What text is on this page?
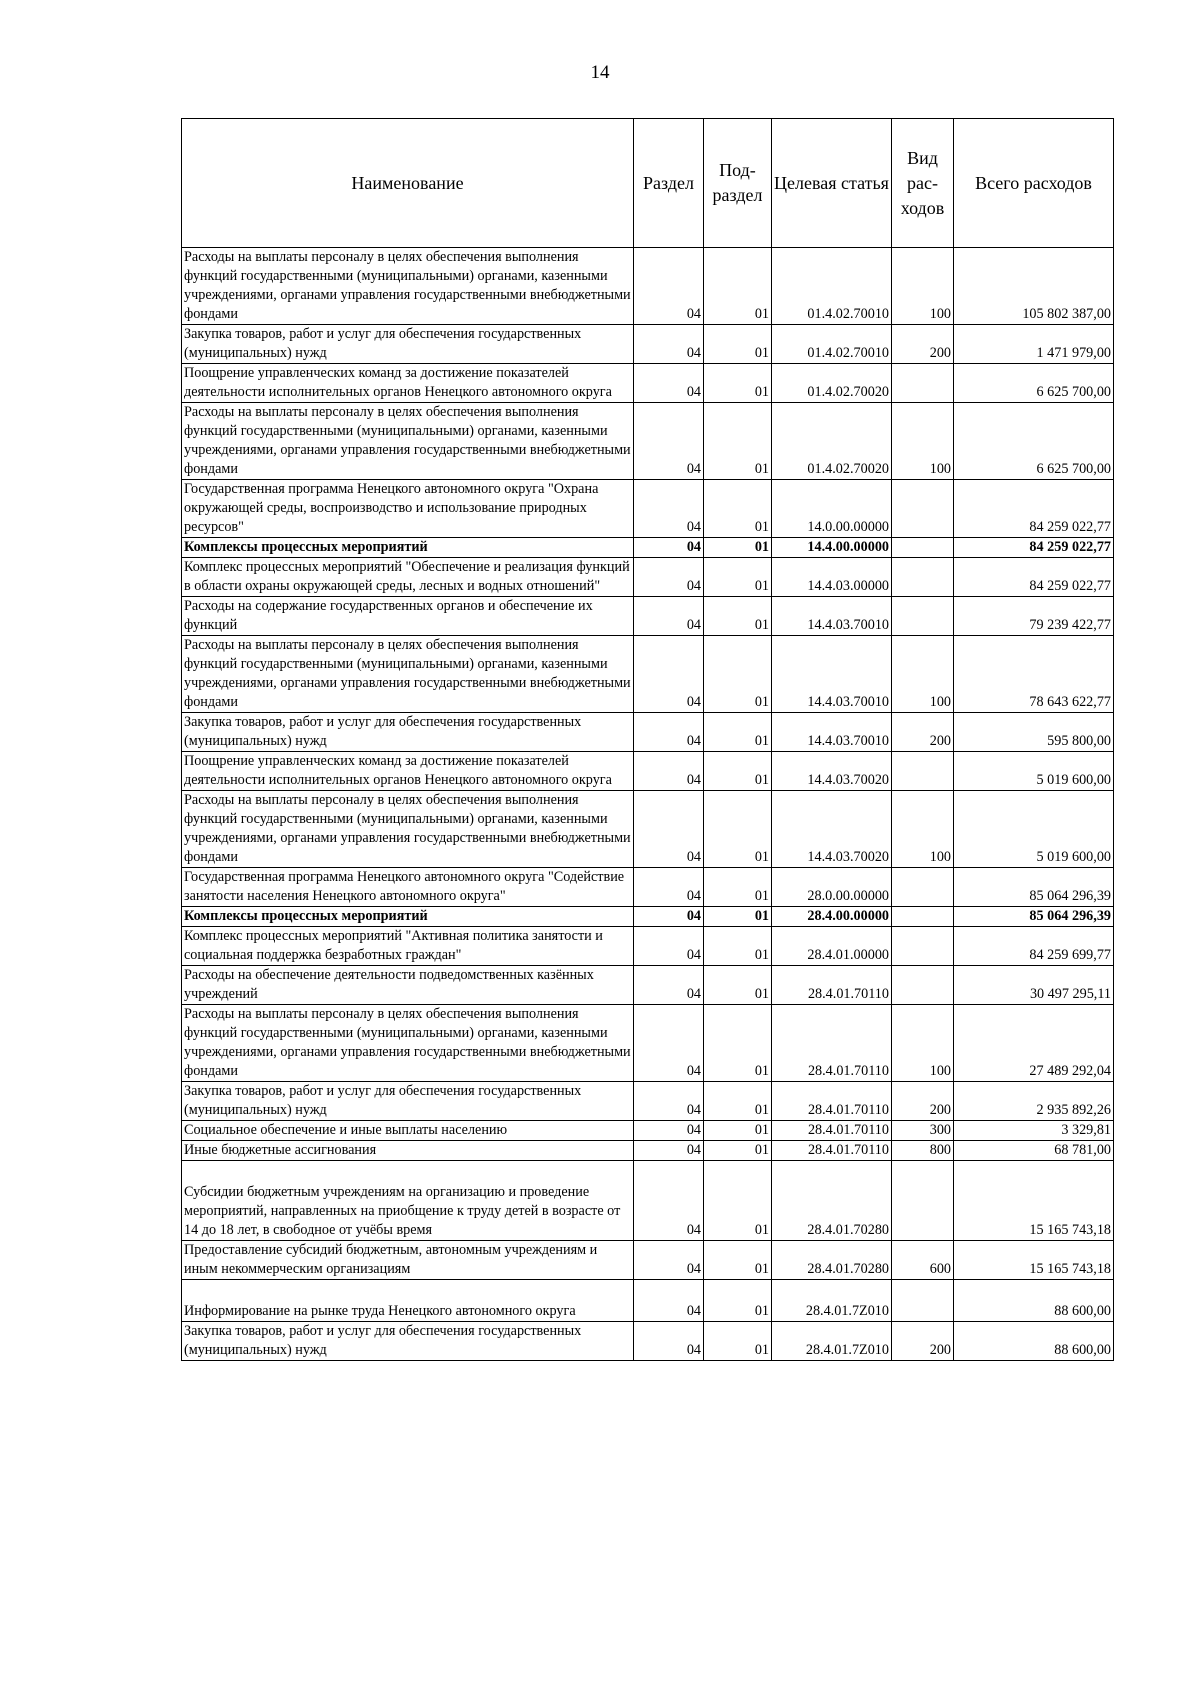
14
Наименование	Раздел	Под-раздел	Целевая статья	Вид рас-ходов	Всего расходов
Расходы на выплаты персоналу в целях обеспечения выполнения функций государственными (муниципальными) органами, казенными учреждениями, органами управления государственными внебюджетными фондами	04	01	01.4.02.70010	100	105 802 387,00
Закупка товаров, работ и услуг для обеспечения государственных (муниципальных) нужд	04	01	01.4.02.70010	200	1 471 979,00
Поощрение управленческих команд за достижение показателей деятельности исполнительных органов Ненецкого автономного округа	04	01	01.4.02.70020		6 625 700,00
Расходы на выплаты персоналу в целях обеспечения выполнения функций государственными (муниципальными) органами, казенными учреждениями, органами управления государственными внебюджетными фондами	04	01	01.4.02.70020	100	6 625 700,00
Государственная программа Ненецкого автономного округа "Охрана окружающей среды, воспроизводство и использование природных ресурсов"	04	01	14.0.00.00000		84 259 022,77
Комплексы процессных мероприятий	04	01	14.4.00.00000		84 259 022,77
Комплекс процессных мероприятий "Обеспечение и реализация функций в области охраны окружающей среды, лесных и водных отношений"	04	01	14.4.03.00000		84 259 022,77
Расходы на содержание государственных органов и обеспечение их функций	04	01	14.4.03.70010		79 239 422,77
Расходы на выплаты персоналу в целях обеспечения выполнения функций государственными (муниципальными) органами, казенными учреждениями, органами управления государственными внебюджетными фондами	04	01	14.4.03.70010	100	78 643 622,77
Закупка товаров, работ и услуг для обеспечения государственных (муниципальных) нужд	04	01	14.4.03.70010	200	595 800,00
Поощрение управленческих команд за достижение показателей деятельности исполнительных органов Ненецкого автономного округа	04	01	14.4.03.70020		5 019 600,00
Расходы на выплаты персоналу в целях обеспечения выполнения функций государственными (муниципальными) органами, казенными учреждениями, органами управления государственными внебюджетными фондами	04	01	14.4.03.70020	100	5 019 600,00
Государственная программа Ненецкого автономного округа "Содействие занятости населения Ненецкого автономного округа"	04	01	28.0.00.00000		85 064 296,39
Комплексы процессных мероприятий	04	01	28.4.00.00000		85 064 296,39
Комплекс процессных мероприятий "Активная политика занятости и социальная поддержка безработных граждан"	04	01	28.4.01.00000		84 259 699,77
Расходы на обеспечение деятельности подведомственных казённых учреждений	04	01	28.4.01.70110		30 497 295,11
Расходы на выплаты персоналу в целях обеспечения выполнения функций государственными (муниципальными) органами, казенными учреждениями, органами управления государственными внебюджетными фондами	04	01	28.4.01.70110	100	27 489 292,04
Закупка товаров, работ и услуг для обеспечения государственных (муниципальных) нужд	04	01	28.4.01.70110	200	2 935 892,26
Социальное обеспечение и иные выплаты населению	04	01	28.4.01.70110	300	3 329,81
Иные бюджетные ассигнования	04	01	28.4.01.70110	800	68 781,00
Субсидии бюджетным учреждениям на организацию и проведение мероприятий, направленных на приобщение к труду детей в возрасте от 14 до 18 лет, в свободное от учёбы время	04	01	28.4.01.70280		15 165 743,18
Предоставление субсидий бюджетным, автономным учреждениям и иным некоммерческим организациям	04	01	28.4.01.70280	600	15 165 743,18
Информирование на рынке труда Ненецкого автономного округа	04	01	28.4.01.7Z010		88 600,00
Закупка товаров, работ и услуг для обеспечения государственных (муниципальных) нужд	04	01	28.4.01.7Z010	200	88 600,00
